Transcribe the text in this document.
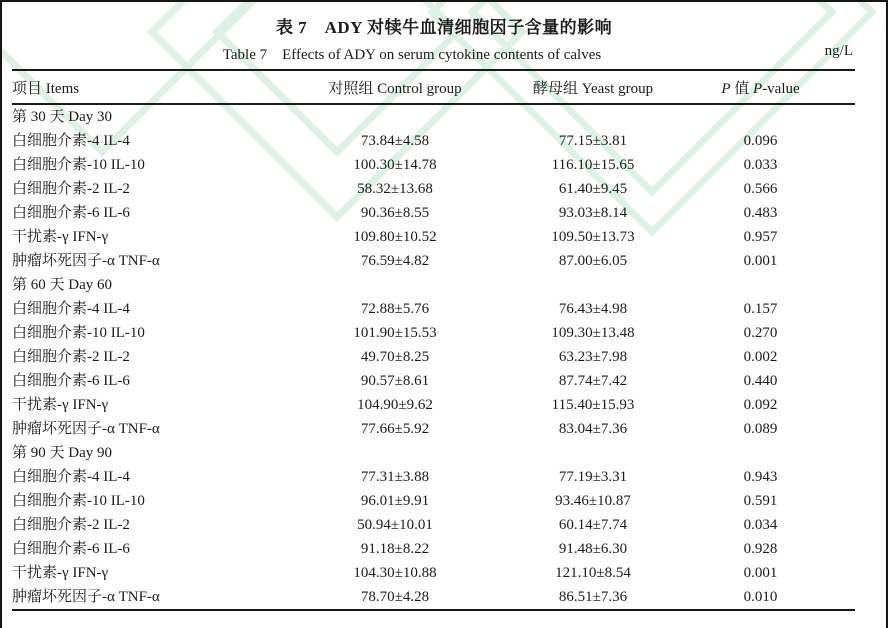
表 7　ADY 对犊牛血清细胞因子含量的影响
Table 7　Effects of ADY on serum cytokine contents of calves	ng/L
项目 Items	对照组 Control group	酵母组 Yeast group	P 值 P-value
第 30 天 Day 30			
白细胞介素-4 IL-4	73.84±4.58	77.15±3.81	0.096
白细胞介素-10 IL-10	100.30±14.78	116.10±15.65	0.033
白细胞介素-2 IL-2	58.32±13.68	61.40±9.45	0.566
白细胞介素-6 IL-6	90.36±8.55	93.03±8.14	0.483
干扰素-γ IFN-γ	109.80±10.52	109.50±13.73	0.957
肿瘤坏死因子-α TNF-α	76.59±4.82	87.00±6.05	0.001
第 60 天 Day 60			
白细胞介素-4 IL-4	72.88±5.76	76.43±4.98	0.157
白细胞介素-10 IL-10	101.90±15.53	109.30±13.48	0.270
白细胞介素-2 IL-2	49.70±8.25	63.23±7.98	0.002
白细胞介素-6 IL-6	90.57±8.61	87.74±7.42	0.440
干扰素-γ IFN-γ	104.90±9.62	115.40±15.93	0.092
肿瘤坏死因子-α TNF-α	77.66±5.92	83.04±7.36	0.089
第 90 天 Day 90			
白细胞介素-4 IL-4	77.31±3.88	77.19±3.31	0.943
白细胞介素-10 IL-10	96.01±9.91	93.46±10.87	0.591
白细胞介素-2 IL-2	50.94±10.01	60.14±7.74	0.034
白细胞介素-6 IL-6	91.18±8.22	91.48±6.30	0.928
干扰素-γ IFN-γ	104.30±10.88	121.10±8.54	0.001
肿瘤坏死因子-α TNF-α	78.70±4.28	86.51±7.36	0.010
